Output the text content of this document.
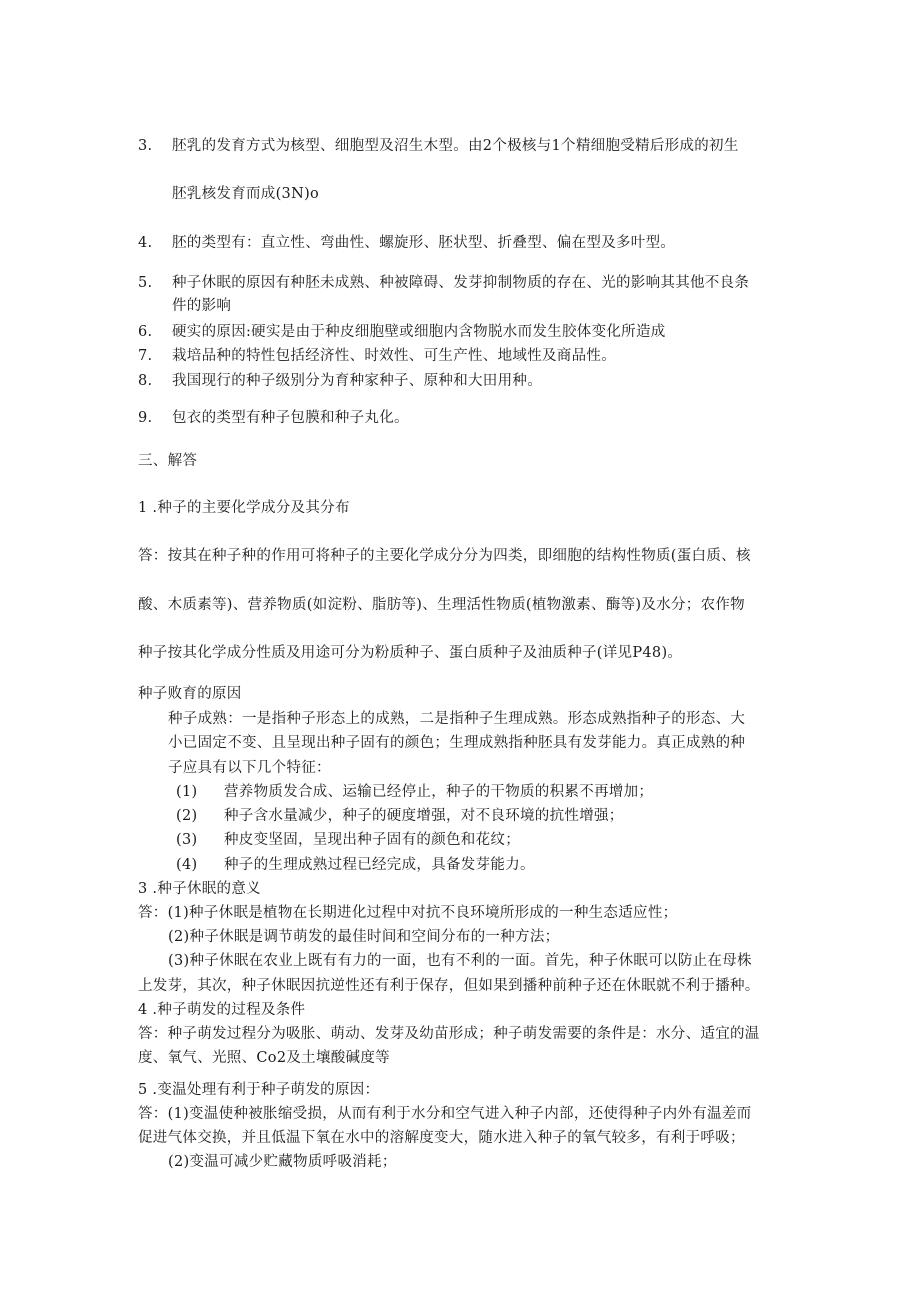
3. 胚乳的发育方式为核型、细胞型及沼生木型。由2个极核与1个精细胞受精后形成的初生
胚乳核发育而成(3N)o
4. 胚的类型有：直立性、弯曲性、螺旋形、胚状型、折叠型、偏在型及多叶型。
5. 种子休眠的原因有种胚未成熟、种被障碍、发芽抑制物质的存在、光的影响其其他不良条
件的影响
6. 硬实的原因:硬实是由于种皮细胞壁或细胞内含物脱水而发生胶体变化所造成
7. 栽培品种的特性包括经济性、时效性、可生产性、地域性及商品性。
8. 我国现行的种子级别分为育种家种子、原种和大田用种。
9. 包衣的类型有种子包膜和种子丸化。
三、解答
1 .种子的主要化学成分及其分布
答：按其在种子种的作用可将种子的主要化学成分分为四类，即细胞的结构性物质(蛋白质、核
酸、木质素等)、营养物质(如淀粉、脂肪等)、生理活性物质(植物激素、酶等)及水分；农作物
种子按其化学成分性质及用途可分为粉质种子、蛋白质种子及油质种子(详见P48)。
种子败育的原因
种子成熟：一是指种子形态上的成熟，二是指种子生理成熟。形态成熟指种子的形态、大
小已固定不变、且呈现出种子固有的颜色；生理成熟指种胚具有发芽能力。真正成熟的种
子应具有以下几个特征：
(1) 营养物质发合成、运输已经停止，种子的干物质的积累不再增加；
(2) 种子含水量减少，种子的硬度增强，对不良环境的抗性增强；
(3) 种皮变坚固，呈现出种子固有的颜色和花纹；
(4) 种子的生理成熟过程已经完成，具备发芽能力。
3 .种子休眠的意义
答：(1)种子休眠是植物在长期进化过程中对抗不良环境所形成的一种生态适应性；
(2)种子休眠是调节萌发的最佳时间和空间分布的一种方法；
(3)种子休眠在农业上既有有力的一面，也有不利的一面。首先，种子休眠可以防止在母株
上发芽，其次，种子休眠因抗逆性还有利于保存，但如果到播种前种子还在休眠就不利于播种。
4 .种子萌发的过程及条件
答：种子萌发过程分为吸胀、萌动、发芽及幼苗形成；种子萌发需要的条件是：水分、适宜的温
度、氧气、光照、Co2及土壤酸碱度等
5 .变温处理有利于种子萌发的原因：
答：(1)变温使种被胀缩受损，从而有利于水分和空气进入种子内部，还使得种子内外有温差而
促进气体交换，并且低温下氧在水中的溶解度变大，随水进入种子的氧气较多，有利于呼吸；
(2)变温可减少贮藏物质呼吸消耗；
